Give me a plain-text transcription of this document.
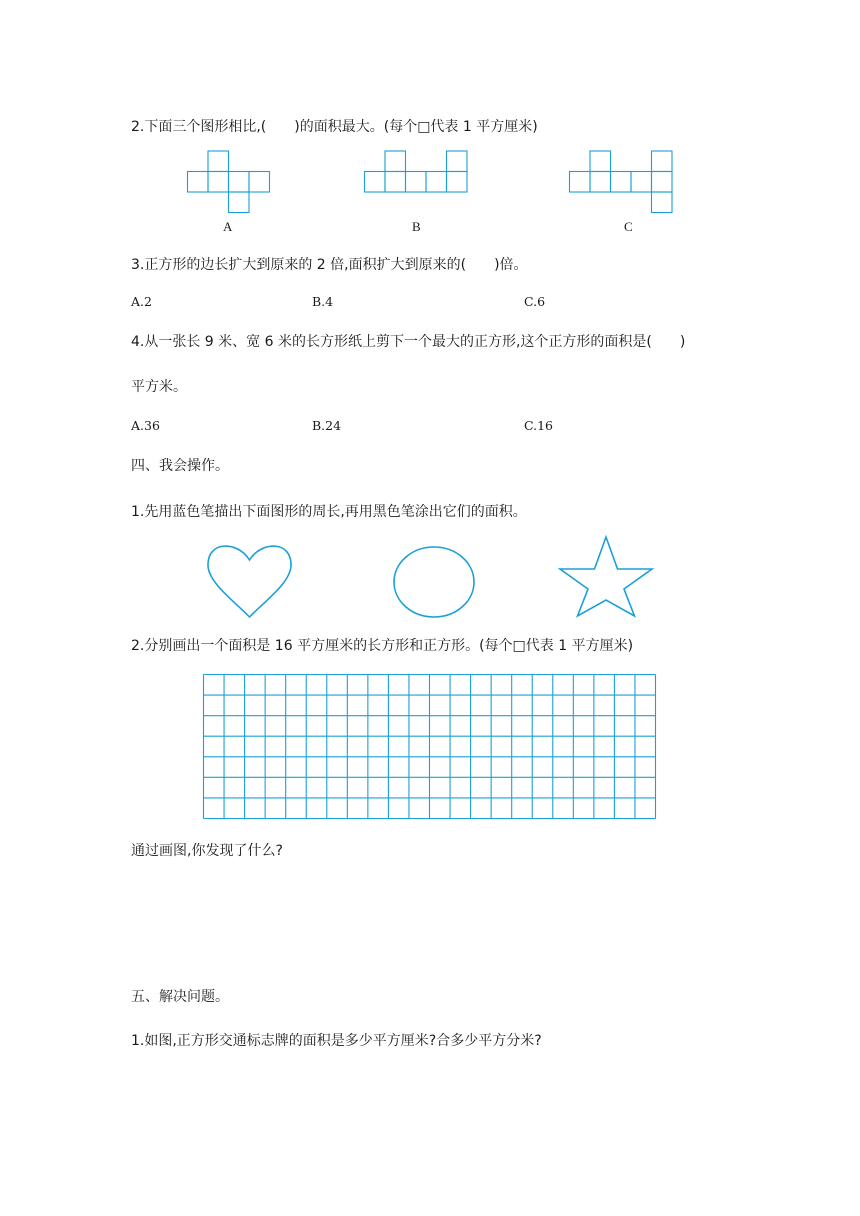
2.下面三个图形相比,(　　)的面积最大。(每个□代表 1 平方厘米)
A	B	C
3.正方形的边长扩大到原来的 2 倍,面积扩大到原来的(　　)倍。
A.2	B.4	C.6
4.从一张长 9 米、宽 6 米的长方形纸上剪下一个最大的正方形,这个正方形的面积是(　　)
平方米。
A.36	B.24	C.16
四、我会操作。
1.先用蓝色笔描出下面图形的周长,再用黑色笔涂出它们的面积。
2.分别画出一个面积是 16 平方厘米的长方形和正方形。(每个□代表 1 平方厘米)
通过画图,你发现了什么?
五、解决问题。
1.如图,正方形交通标志牌的面积是多少平方厘米?合多少平方分米?
